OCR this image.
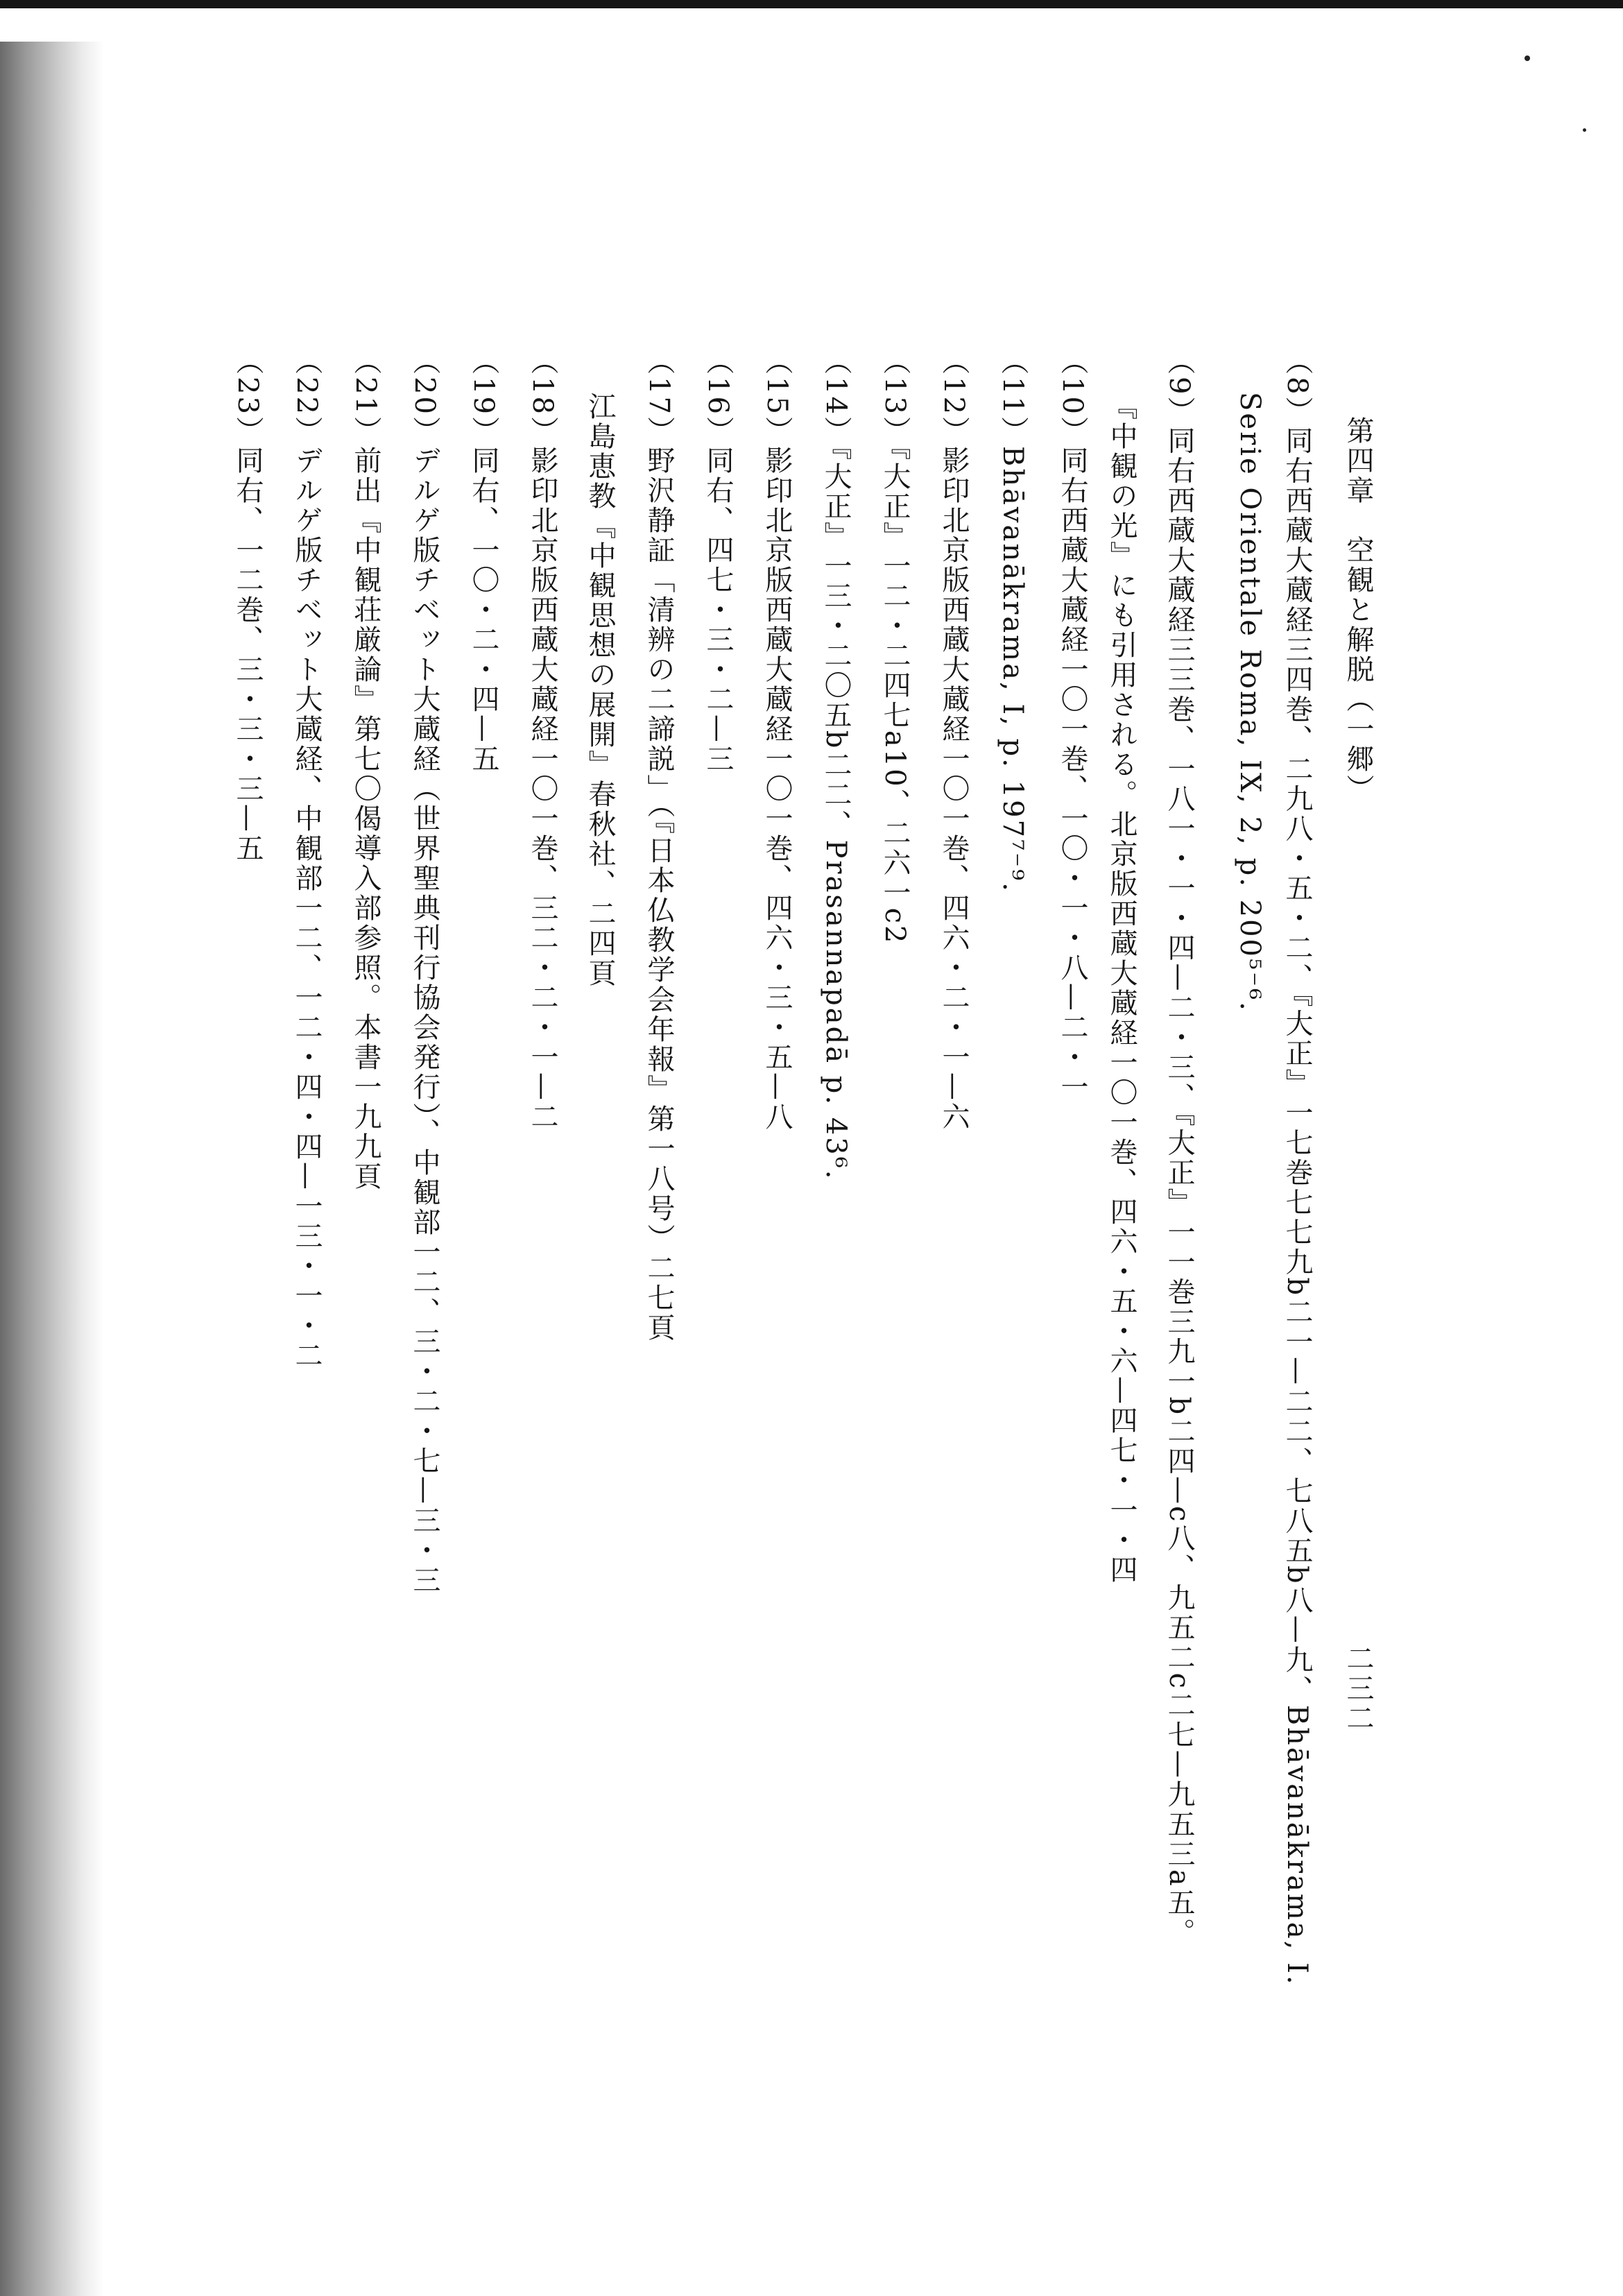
第四章　空観と解脱（一郷）
二三二
（8）同右西蔵大蔵経三四巻、二九八・五・二、『大正』一七巻七七九b二一—二二、七八五b八—九、Bhāvanākrama, I.
Serie Orientale Roma, IX, 2, p. 200⁵⁻⁶.
（9）同右西蔵大蔵経三三巻、一八一・一・四—二・三、『大正』一一巻三九一b二四—c八、九五二c二七—九五三a五。
『中観の光』にも引用される。北京版西蔵大蔵経一〇一巻、四六・五・六—四七・一・四
（10）同右西蔵大蔵経一〇一巻、一〇・一・八—二・一
（11）Bhāvanākrama, I, p. 197⁷⁻⁹.
（12）影印北京版西蔵大蔵経一〇一巻、四六・二・一—六
（13）『大正』一二・二四七a10、二六一c2
（14）『大正』一三・二〇五b二二、Prasannapadā p. 43⁶.
（15）影印北京版西蔵大蔵経一〇一巻、四六・三・五—八
（16）同右、四七・三・二—三
（17）野沢静証「清辨の二諦説」（『日本仏教学会年報』第一八号）二七頁
江島恵教『中観思想の展開』春秋社、二四頁
（18）影印北京版西蔵大蔵経一〇一巻、三二・二・一—二
（19）同右、一〇・二・四—五
（20）デルゲ版チベット大蔵経（世界聖典刊行協会発行）、中観部一二、三・二・七—三・三
（21）前出『中観荘厳論』第七〇偈導入部参照。本書一九九頁
（22）デルゲ版チベット大蔵経、中観部一二、一二・四・四—一三・一・二
（23）同右、一二巻、三・三・三—五
